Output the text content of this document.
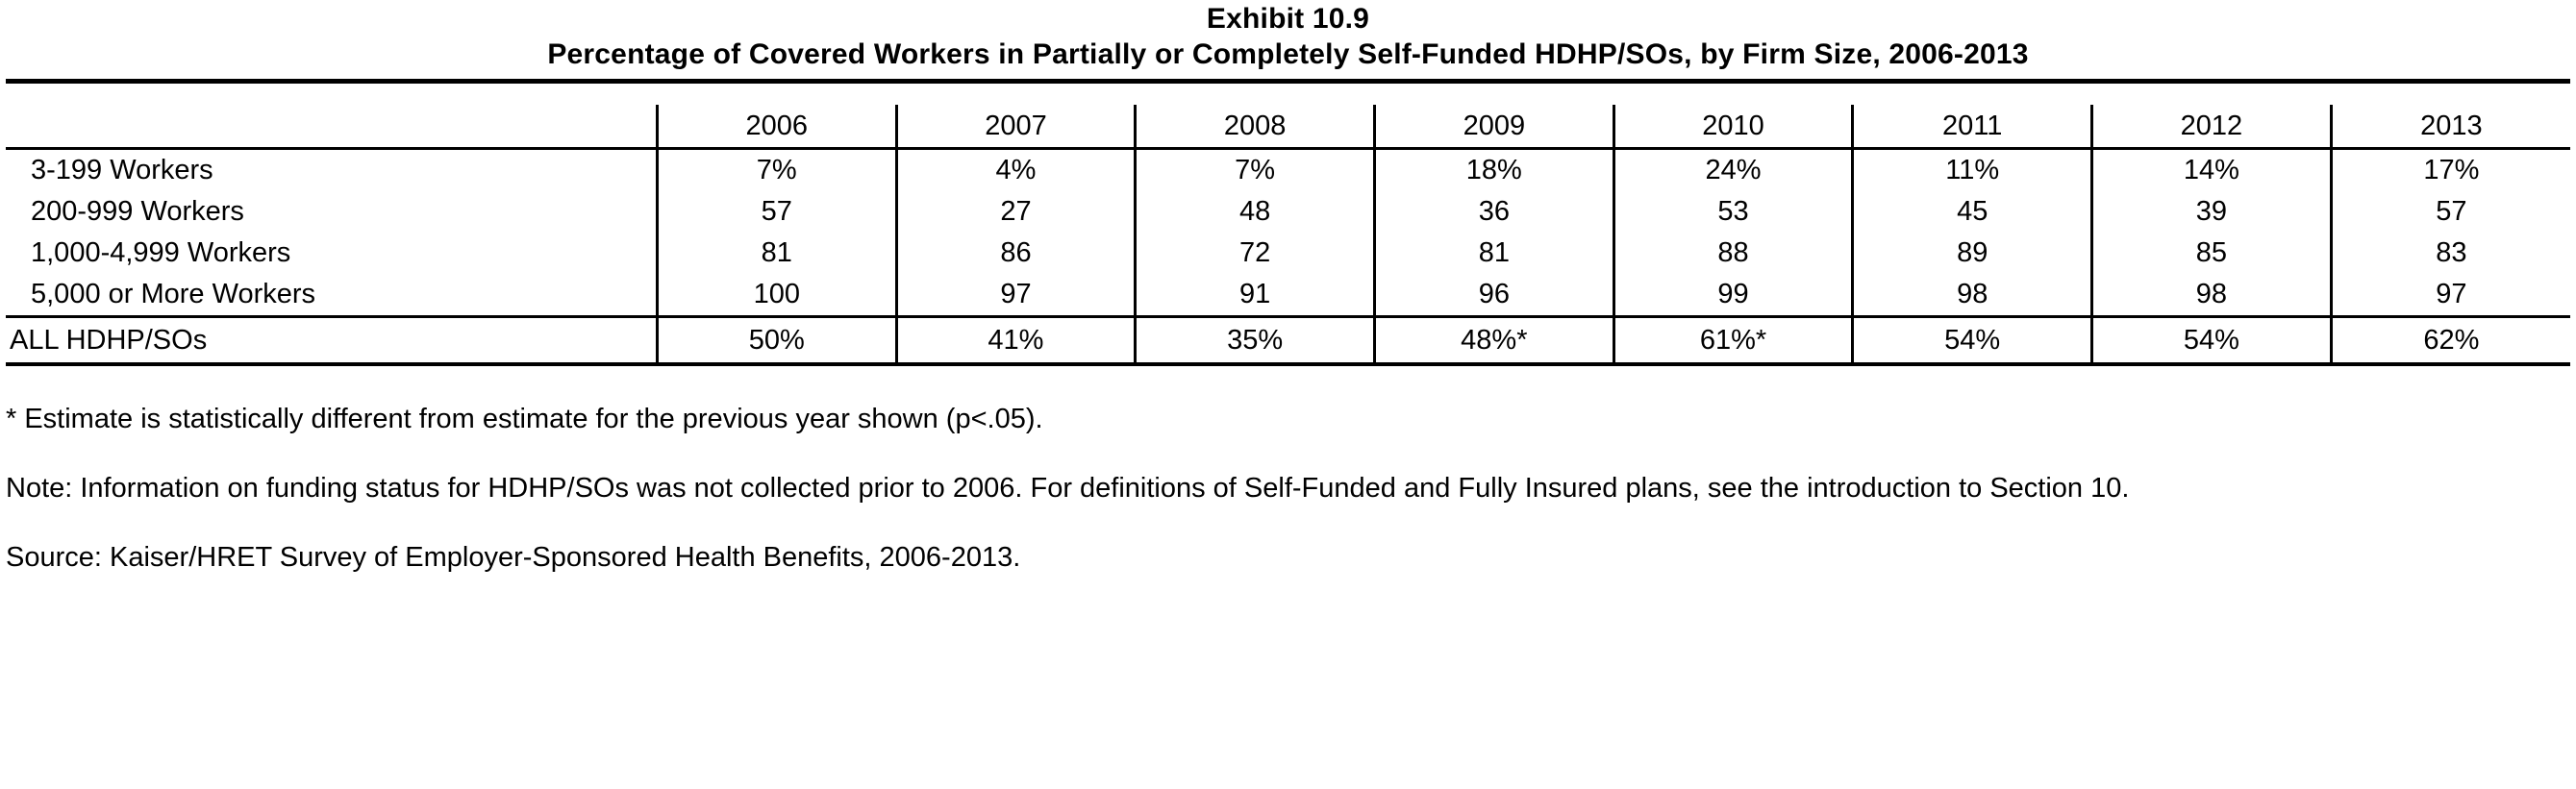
Exhibit 10.9
Percentage of Covered Workers in Partially or Completely Self-Funded HDHP/SOs, by Firm Size, 2006-2013
	2006	2007	2008	2009	2010	2011	2012	2013
3-199 Workers	7%	4%	7%	18%	24%	11%	14%	17%
200-999 Workers	57	27	48	36	53	45	39	57
1,000-4,999 Workers	81	86	72	81	88	89	85	83
5,000 or More Workers	100	97	91	96	99	98	98	97
ALL HDHP/SOs	50%	41%	35%	48%*	61%*	54%	54%	62%
* Estimate is statistically different from estimate for the previous year shown (p<.05).
Note: Information on funding status for HDHP/SOs was not collected prior to 2006. For definitions of Self-Funded and Fully Insured plans, see the introduction to Section 10.
Source: Kaiser/HRET Survey of Employer-Sponsored Health Benefits, 2006-2013.
